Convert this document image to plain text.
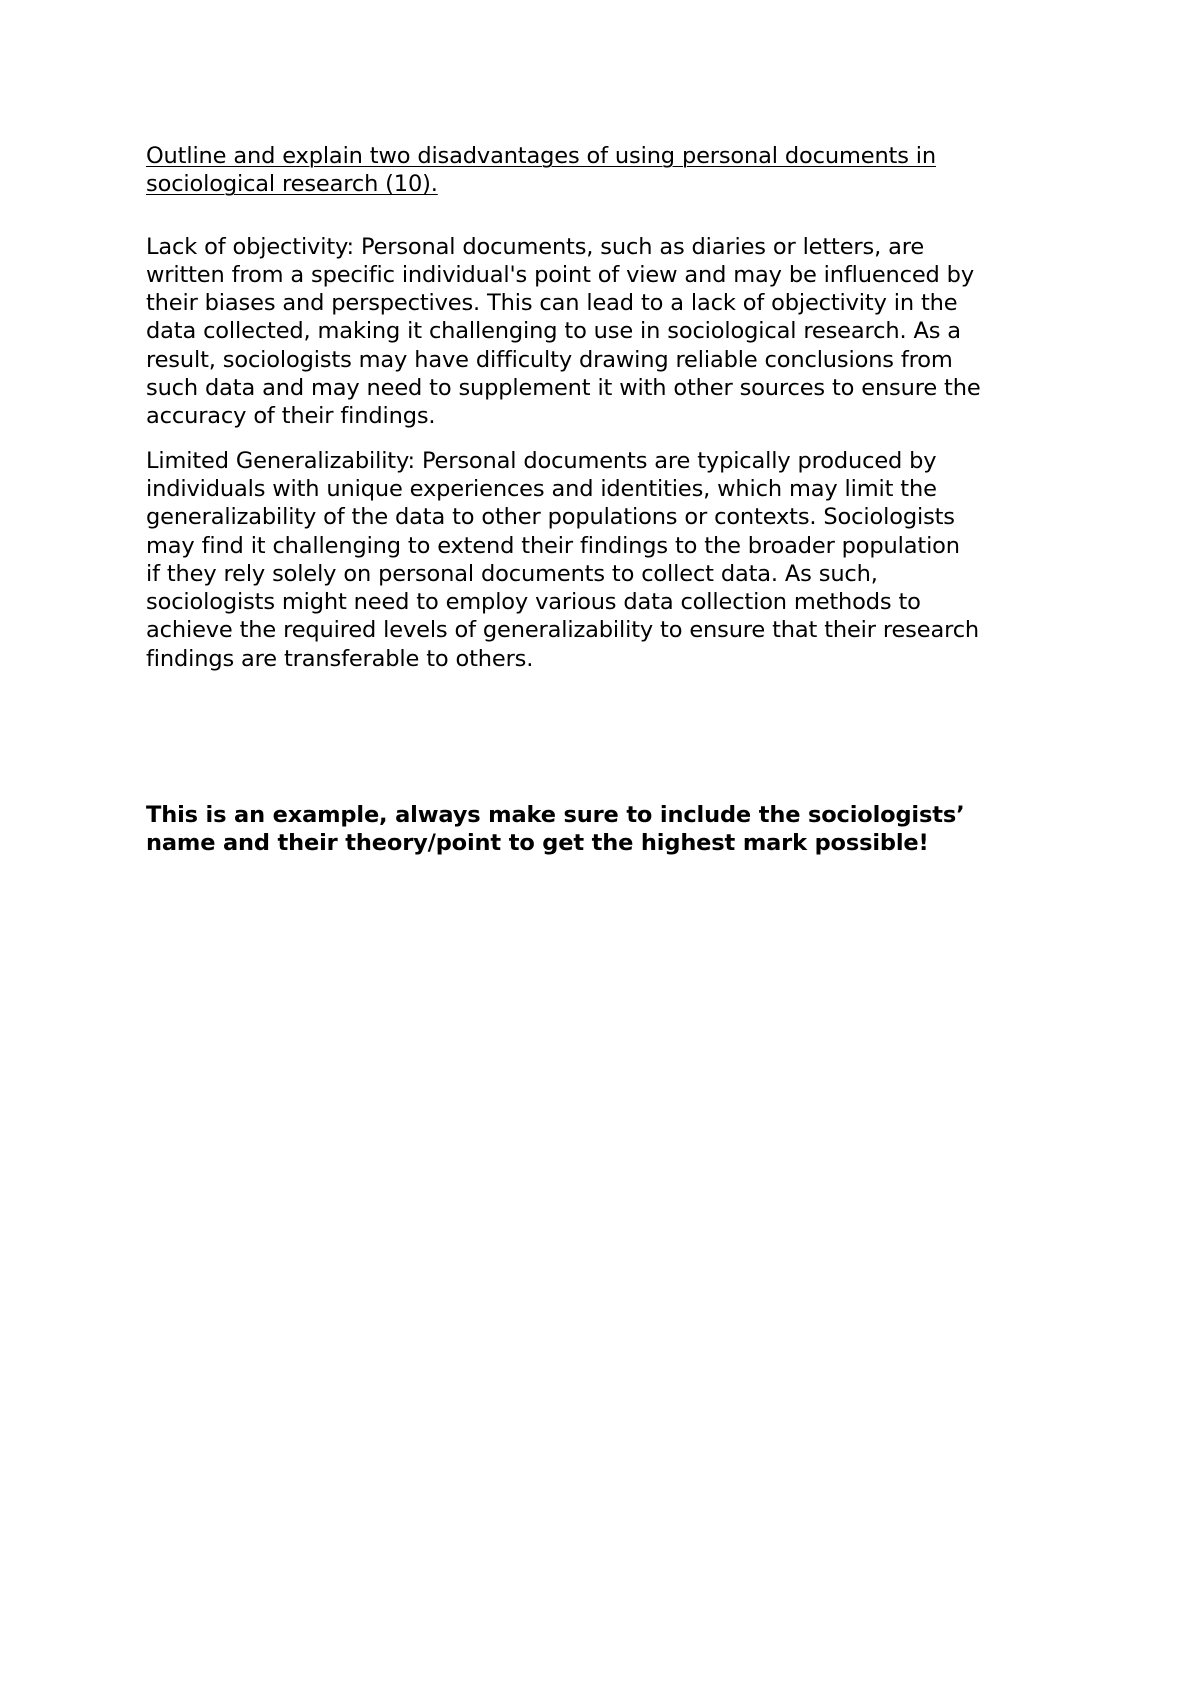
Outline and explain two disadvantages of using personal documents in
sociological research (10).

Lack of objectivity: Personal documents, such as diaries or letters, are
written from a specific individual's point of view and may be influenced by
their biases and perspectives. This can lead to a lack of objectivity in the
data collected, making it challenging to use in sociological research. As a
result, sociologists may have difficulty drawing reliable conclusions from
such data and may need to supplement it with other sources to ensure the
accuracy of their findings.

Limited Generalizability: Personal documents are typically produced by
individuals with unique experiences and identities, which may limit the
generalizability of the data to other populations or contexts. Sociologists
may find it challenging to extend their findings to the broader population
if they rely solely on personal documents to collect data. As such,
sociologists might need to employ various data collection methods to
achieve the required levels of generalizability to ensure that their research
findings are transferable to others.

This is an example, always make sure to include the sociologists’
name and their theory/point to get the highest mark possible!
